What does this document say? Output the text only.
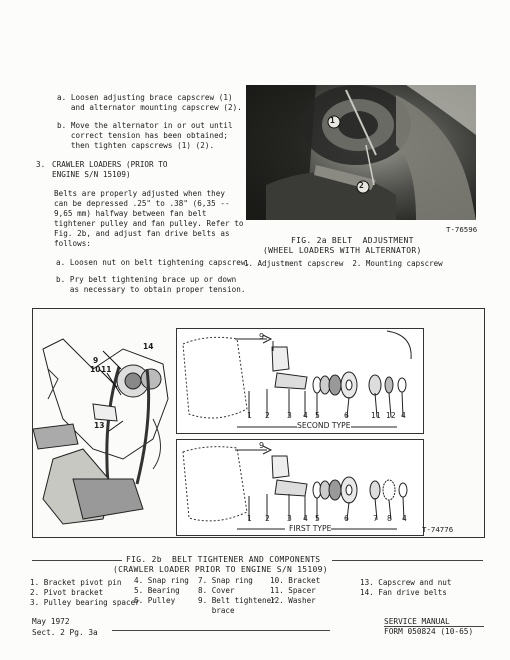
a. Loosen adjusting brace capscrew (1)
and alternator mounting capscrew (2).
b. Move the alternator in or out until
correct tension has been obtained;
then tighten capscrews (1) (2).
3. CRAWLER LOADERS (PRIOR TO
ENGINE S/N 15109)
Belts are properly adjusted when they
can be depressed .25" to .38" (6,35 --
9,65 mm) halfway between fan belt
tightener pulley and fan pulley. Refer to
Fig. 2b, and adjust fan drive belts as
follows:
a. Loosen nut on belt tightening capscrew.
b. Pry belt tightening brace up or down
as necessary to obtain proper tension.
1
2
T-76596
FIG. 2a BELT  ADJUSTMENT
(WHEEL LOADERS WITH ALTERNATOR)
1. Adjustment capscrew  2. Mounting capscrew
14
9
10 11
13
9
SECOND TYPE
1 2 3 4 5	6	11 12 4
9
FIRST TYPE
1 2 3 4 5	6	7 8 4
T-74776
FIG. 2b  BELT TIGHTENER AND COMPONENTS
(CRAWLER LOADER PRIOR TO ENGINE S/N 15109)
1. Bracket pivot pin
2. Pivot bracket
3. Pulley bearing spacer
4. Snap ring
5. Bearing
6. Pulley
7. Snap ring
8. Cover
9. Belt tightener
brace
10. Bracket
11. Spacer
12. Washer
13. Capscrew and nut
14. Fan drive belts
May 1972
Sect. 2 Pg. 3a
SERVICE MANUAL
FORM 050824 (10-65)
